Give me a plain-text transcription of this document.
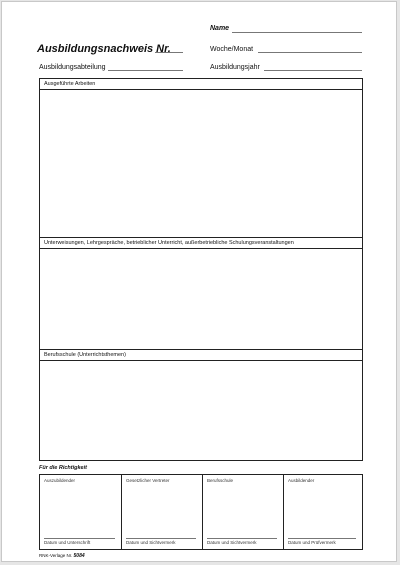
Name
Ausbildungsnachweis Nr.	Woche/Monat
Ausbildungsabteilung	Ausbildungsjahr
Ausgeführte Arbeiten
Unterweisungen, Lehrgespräche, betrieblicher Unterricht, außerbetriebliche Schulungsveranstaltungen
Berufsschule (Unterrichtsthemen)
Für die Richtigkeit
Auszubildender
Datum und Unterschrift
Gesetzlicher Vertreter
Datum und Sichtvermerk
Berufsschule
Datum und Sichtvermerk
Ausbildender
Datum und Prüfvermerk
RNK-Verlage Nr. 5084
